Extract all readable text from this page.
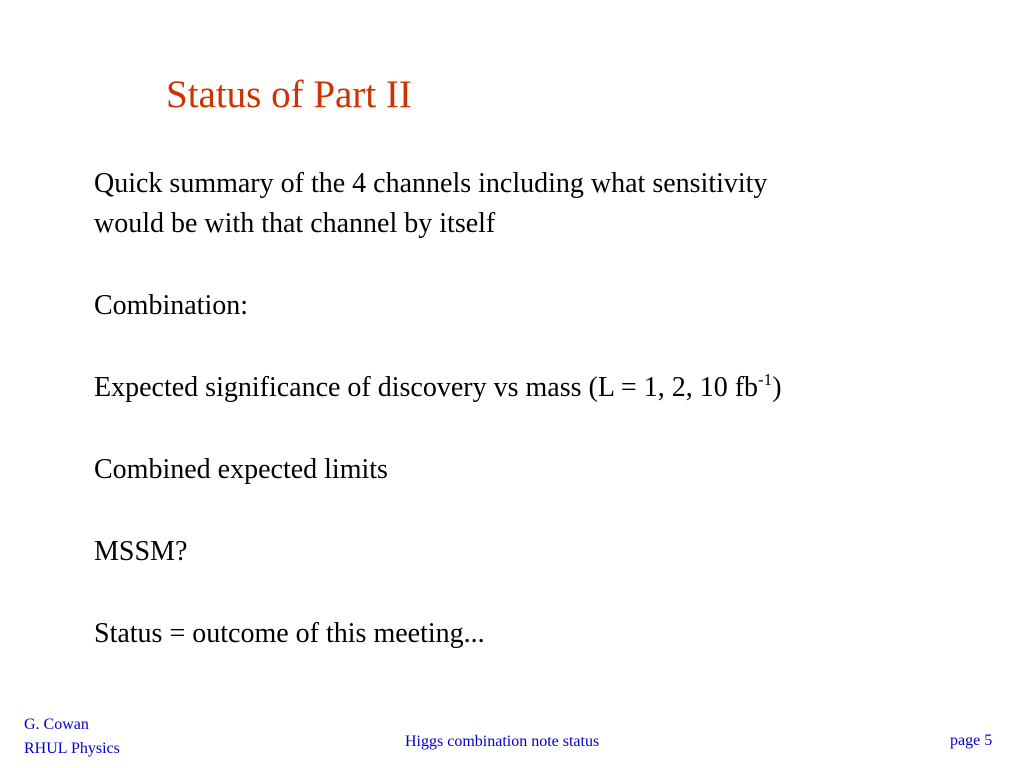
Status of Part II
Quick summary of the 4 channels including what sensitivity
would be with that channel by itself
Combination:
Expected significance of discovery vs mass (L = 1, 2, 10 $fb^{-1}$)
Combined expected limits
MSSM?
Status = outcome of this meeting...
G. Cowan
RHUL Physics	Higgs combination note status	page 5
